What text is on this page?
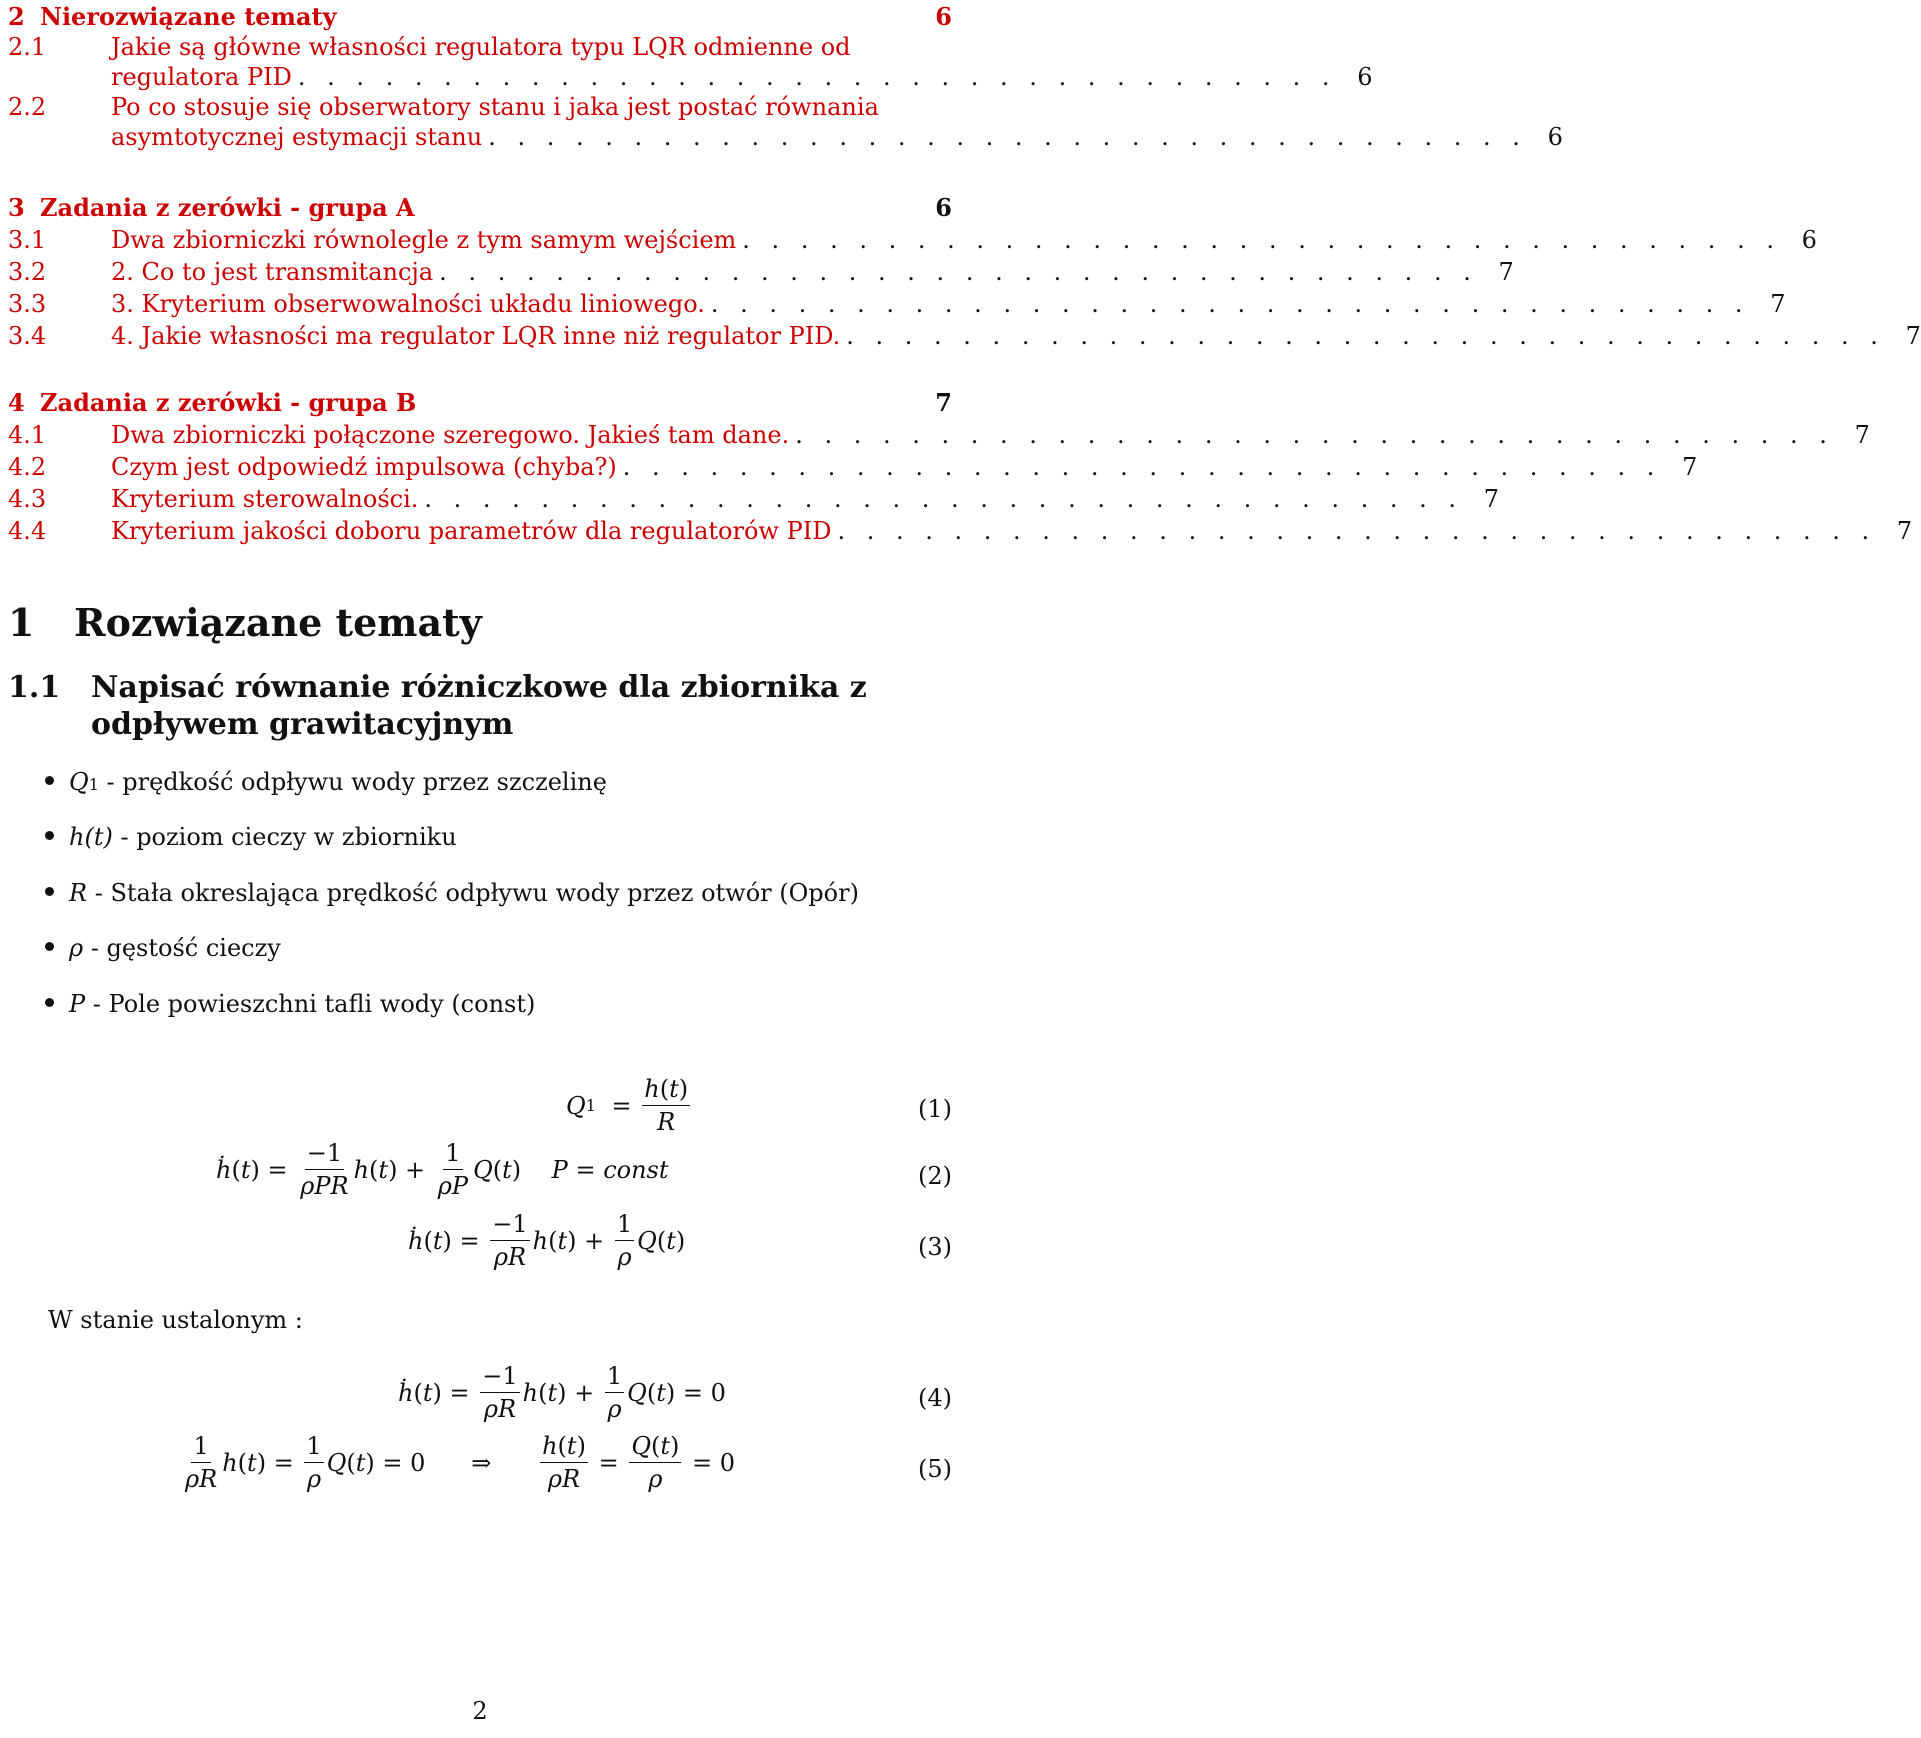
2 Nierozwiązane tematy	6
2.1	Jakie są główne własności regulatora typu LQR odmienne od
regulatora PID . . . . . . . . . . . . . . . . . . . . . . . . . . . . . . . . . . . . 6
2.2	Po co stosuje się obserwatory stanu i jaka jest postać równania
asymtotycznej estymacji stanu . . . . . . . . . . . . . . . . . . . . . . . . . . . . . . . . . . . . 6
3 Zadania z zerówki - grupa A	6
3.1	Dwa zbiorniczki równolegle z tym samym wejściem . . . . . . . . . . . . . . . . . . . . . . . . . . . . . . . . . . . . 6
3.2	2. Co to jest transmitancja . . . . . . . . . . . . . . . . . . . . . . . . . . . . . . . . . . . . 7
3.3	3. Kryterium obserwowalności układu liniowego. . . . . . . . . . . . . . . . . . . . . . . . . . . . . . . . . . . . . 7
3.4	4. Jakie własności ma regulator LQR inne niż regulator PID. . . . . . . . . . . . . . . . . . . . . . . . . . . . . . . . . . . . . 7
4 Zadania z zerówki - grupa B	7
4.1	Dwa zbiorniczki połączone szeregowo. Jakieś tam dane. . . . . . . . . . . . . . . . . . . . . . . . . . . . . . . . . . . . . 7
4.2	Czym jest odpowiedź impulsowa (chyba?) . . . . . . . . . . . . . . . . . . . . . . . . . . . . . . . . . . . . 7
4.3	Kryterium sterowalności. . . . . . . . . . . . . . . . . . . . . . . . . . . . . . . . . . . . . 7
4.4	Kryterium jakości doboru parametrów dla regulatorów PID . . . . . . . . . . . . . . . . . . . . . . . . . . . . . . . . . . . . 7
1	Rozwiązane tematy
1.1 Napisać równanie różniczkowe dla zbiornika z odpływem grawitacyjnym
Q 1 - prędkość odpływu wody przez szczelinę
h(t) - poziom cieczy w zbiorniku
R - Stała okreslająca prędkość odpływu wody przez otwór (Opór)
ρ - gęstość cieczy
P - Pole powieszchni tafli wody (const)
Q $1 = \frac{h(t)}{R}$	(1)
ḣ ( t ) = $\frac{-1}{\text{ρPR}}$ h ( t ) + $\frac{1}{\rho P}$ Q ( t ) P = const	(2)
ḣ ( t ) = $\frac{-1}{\rho R}$ h ( t ) + $\frac{1}{\rho}$ Q ( t )	(3)
W stanie ustalonym :
ḣ ( t ) = $\frac{-1}{\rho R}$ h ( t ) + $\frac{1}{\rho}$ Q ( t ) = 0	(4)
$\frac{1}{\rho R}$ h ( t ) = $\frac{1}{\rho}$ Q ( t ) = 0      ⇒ $\frac{h(t)}{\rho R} = \frac{Q(t)}{\rho} = 0$	(5)
2
